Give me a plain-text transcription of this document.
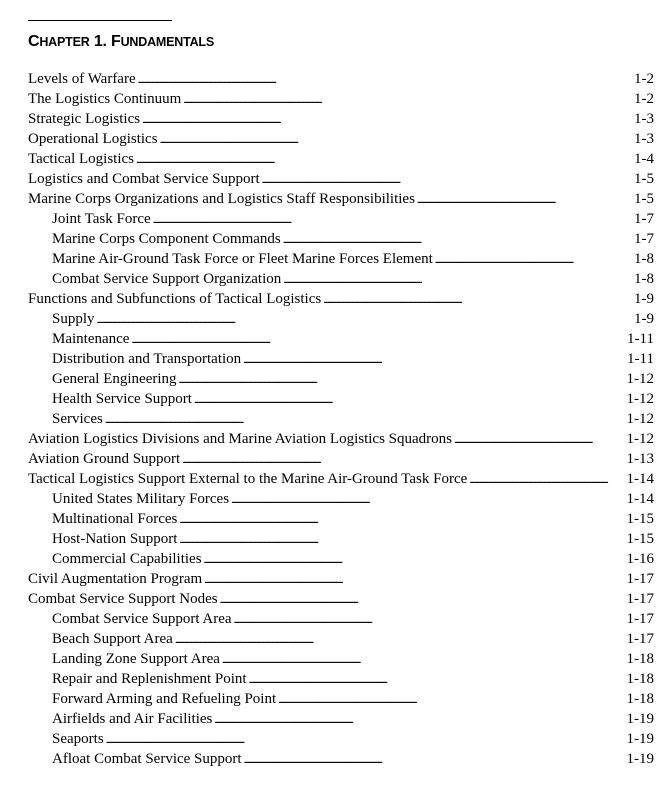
CHAPTER 1. FUNDAMENTALS
Levels of Warfare . . .	1-2
The Logistics Continuum . . .	1-2
Strategic Logistics . . .	1-3
Operational Logistics . . .	1-3
Tactical Logistics . . .	1-4
Logistics and Combat Service Support . . .	1-5
Marine Corps Organizations and Logistics Staff Responsibilities . . .	1-5
Joint Task Force . . .	1-7
Marine Corps Component Commands . . .	1-7
Marine Air-Ground Task Force or Fleet Marine Forces Element . . .	1-8
Combat Service Support Organization . . .	1-8
Functions and Subfunctions of Tactical Logistics . . .	1-9
Supply . . .	1-9
Maintenance . . .	1-11
Distribution and Transportation . . .	1-11
General Engineering . . .	1-12
Health Service Support . . .	1-12
Services . . .	1-12
Aviation Logistics Divisions and Marine Aviation Logistics Squadrons . . .	1-12
Aviation Ground Support . . .	1-13
Tactical Logistics Support External to the Marine Air-Ground Task Force . . .	1-14
United States Military Forces . . .	1-14
Multinational Forces . . .	1-15
Host-Nation Support . . .	1-15
Commercial Capabilities . . .	1-16
Civil Augmentation Program . . .	1-17
Combat Service Support Nodes . . .	1-17
Combat Service Support Area . . .	1-17
Beach Support Area . . .	1-17
Landing Zone Support Area . . .	1-18
Repair and Replenishment Point . . .	1-18
Forward Arming and Refueling Point . . .	1-18
Airfields and Air Facilities . . .	1-19
Seaports . . .	1-19
Afloat Combat Service Support . . .	1-19
